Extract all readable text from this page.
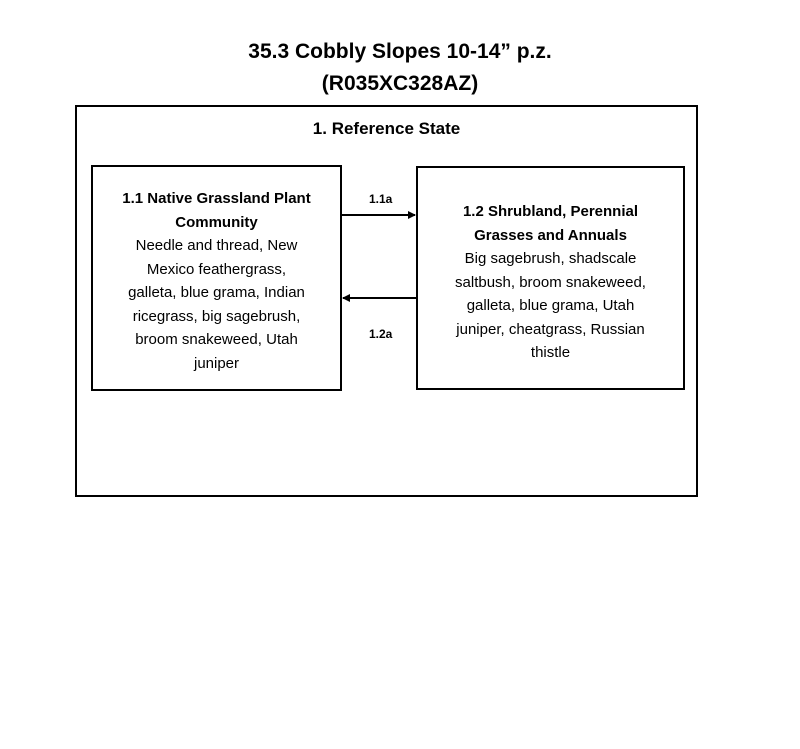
35.3 Cobbly Slopes 10-14” p.z.
(R035XC328AZ)
1. Reference State
1.1 Native Grassland Plant
Community
Needle and thread, New
Mexico feathergrass,
galleta, blue grama, Indian
ricegrass, big sagebrush,
broom snakeweed, Utah
juniper
1.2 Shrubland, Perennial
Grasses and Annuals
Big sagebrush, shadscale
saltbush, broom snakeweed,
galleta, blue grama, Utah
juniper, cheatgrass, Russian
thistle
1.1a
1.2a
